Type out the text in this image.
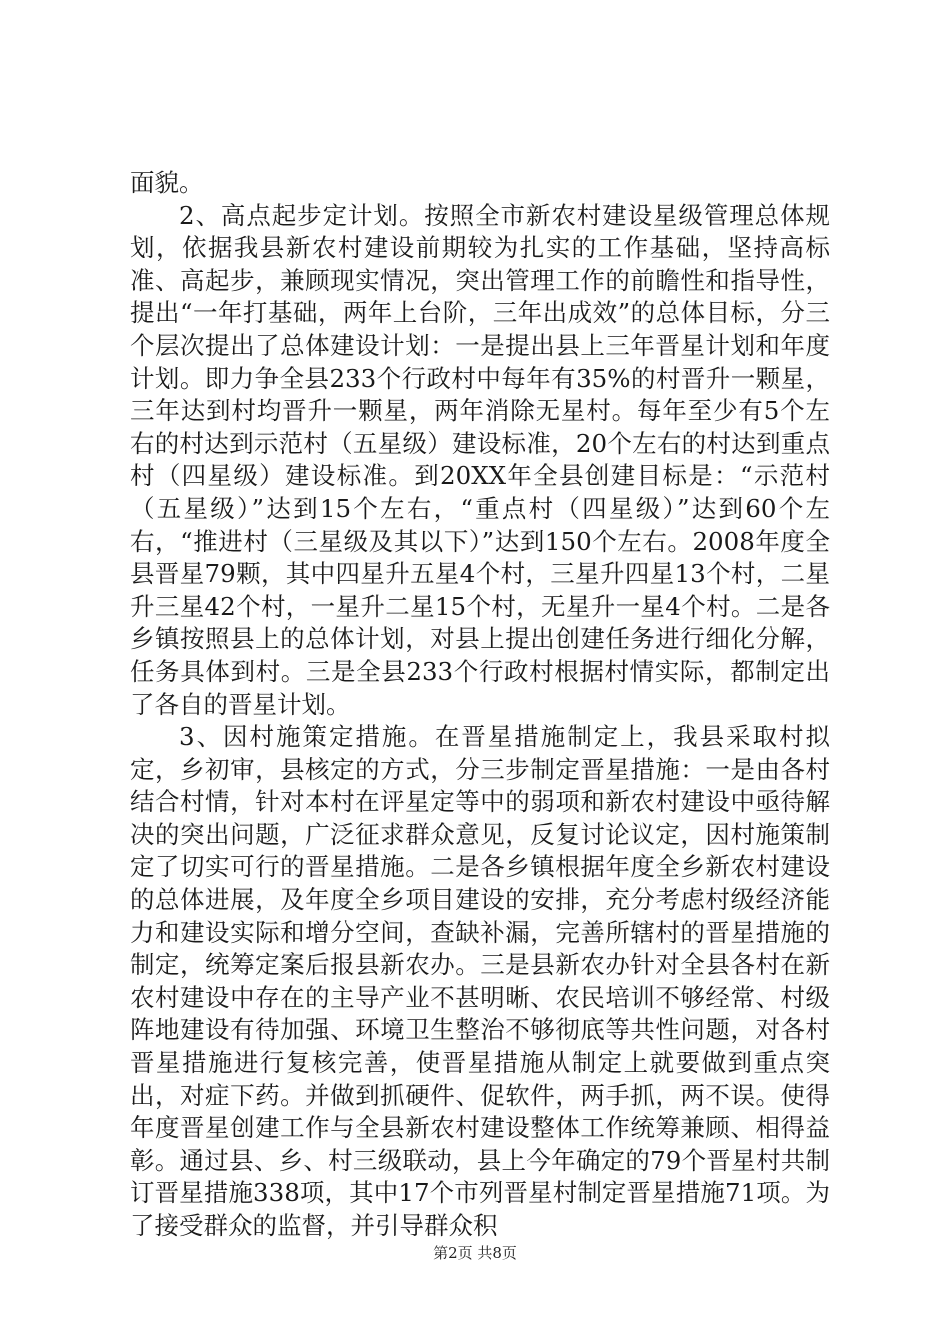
面貌。

2、高点起步定计划。按照全市新农村建设星级管理总体规划，依据我县新农村建设前期较为扎实的工作基础，坚持高标准、高起步，兼顾现实情况，突出管理工作的前瞻性和指导性，提出“一年打基础，两年上台阶，三年出成效”的总体目标，分三个层次提出了总体建设计划：一是提出县上三年晋星计划和年度计划。即力争全县233个行政村中每年有35%的村晋升一颗星，三年达到村均晋升一颗星，两年消除无星村。每年至少有5个左右的村达到示范村（五星级）建设标准，20个左右的村达到重点村（四星级）建设标准。到20XX年全县创建目标是：“示范村（五星级）”达到15个左右，“重点村（四星级）”达到60个左右，“推进村（三星级及其以下）”达到150个左右。2008年度全县晋星79颗，其中四星升五星4个村，三星升四星13个村，二星升三星42个村，一星升二星15个村，无星升一星4个村。二是各乡镇按照县上的总体计划，对县上提出创建任务进行细化分解，任务具体到村。三是全县233个行政村根据村情实际，都制定出了各自的晋星计划。

3、因村施策定措施。在晋星措施制定上，我县采取村拟定，乡初审，县核定的方式，分三步制定晋星措施：一是由各村结合村情，针对本村在评星定等中的弱项和新农村建设中亟待解决的突出问题，广泛征求群众意见，反复讨论议定，因村施策制定了切实可行的晋星措施。二是各乡镇根据年度全乡新农村建设的总体进展，及年度全乡项目建设的安排，充分考虑村级经济能力和建设实际和增分空间，查缺补漏，完善所辖村的晋星措施的制定，统筹定案后报县新农办。三是县新农办针对全县各村在新农村建设中存在的主导产业不甚明晰、农民培训不够经常、村级阵地建设有待加强、环境卫生整治不够彻底等共性问题，对各村晋星措施进行复核完善，使晋星措施从制定上就要做到重点突出，对症下药。并做到抓硬件、促软件，两手抓，两不误。使得年度晋星创建工作与全县新农村建设整体工作统筹兼顾、相得益彰。通过县、乡、村三级联动，县上今年确定的79个晋星村共制订晋星措施338项，其中17个市列晋星村制定晋星措施71项。为了接受群众的监督，并引导群众积

第2页 共8页
